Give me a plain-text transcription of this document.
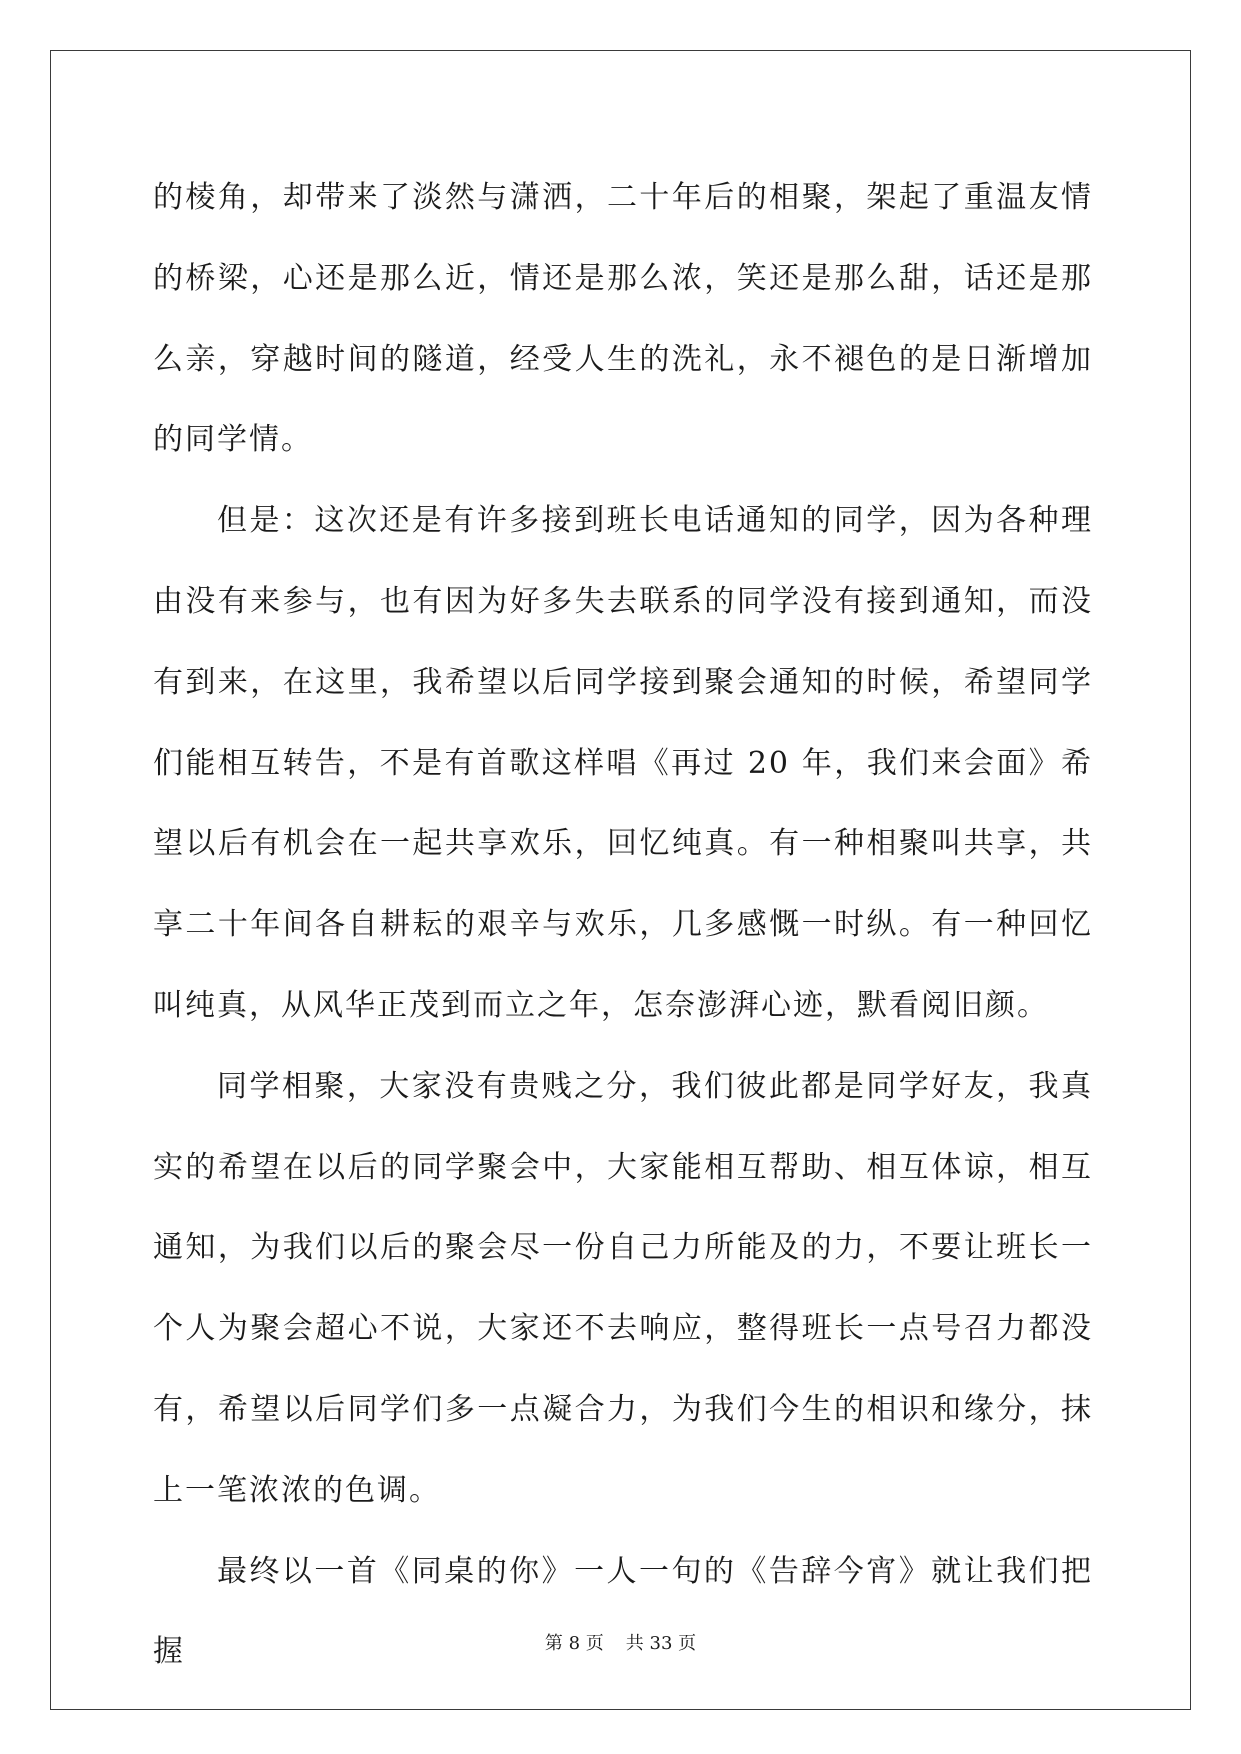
的棱角，却带来了淡然与潇洒，二十年后的相聚，架起了重温友情的桥梁，心还是那么近，情还是那么浓，笑还是那么甜，话还是那么亲，穿越时间的隧道，经受人生的洗礼，永不褪色的是日渐增加的同学情。

但是：这次还是有许多接到班长电话通知的同学，因为各种理由没有来参与，也有因为好多失去联系的同学没有接到通知，而没有到来，在这里，我希望以后同学接到聚会通知的时候，希望同学们能相互转告，不是有首歌这样唱《再过 20 年，我们来会面》希望以后有机会在一起共享欢乐，回忆纯真。有一种相聚叫共享，共享二十年间各自耕耘的艰辛与欢乐，几多感慨一时纵。有一种回忆叫纯真，从风华正茂到而立之年，怎奈澎湃心迹，默看阅旧颜。

同学相聚，大家没有贵贱之分，我们彼此都是同学好友，我真实的希望在以后的同学聚会中，大家能相互帮助、相互体谅，相互通知，为我们以后的聚会尽一份自己力所能及的力，不要让班长一个人为聚会超心不说，大家还不去响应，整得班长一点号召力都没有，希望以后同学们多一点凝合力，为我们今生的相识和缘分，抹上一笔浓浓的色调。

最终以一首《同桌的你》一人一句的《告辞今宵》就让我们把握	第 8 页 共 33 页
